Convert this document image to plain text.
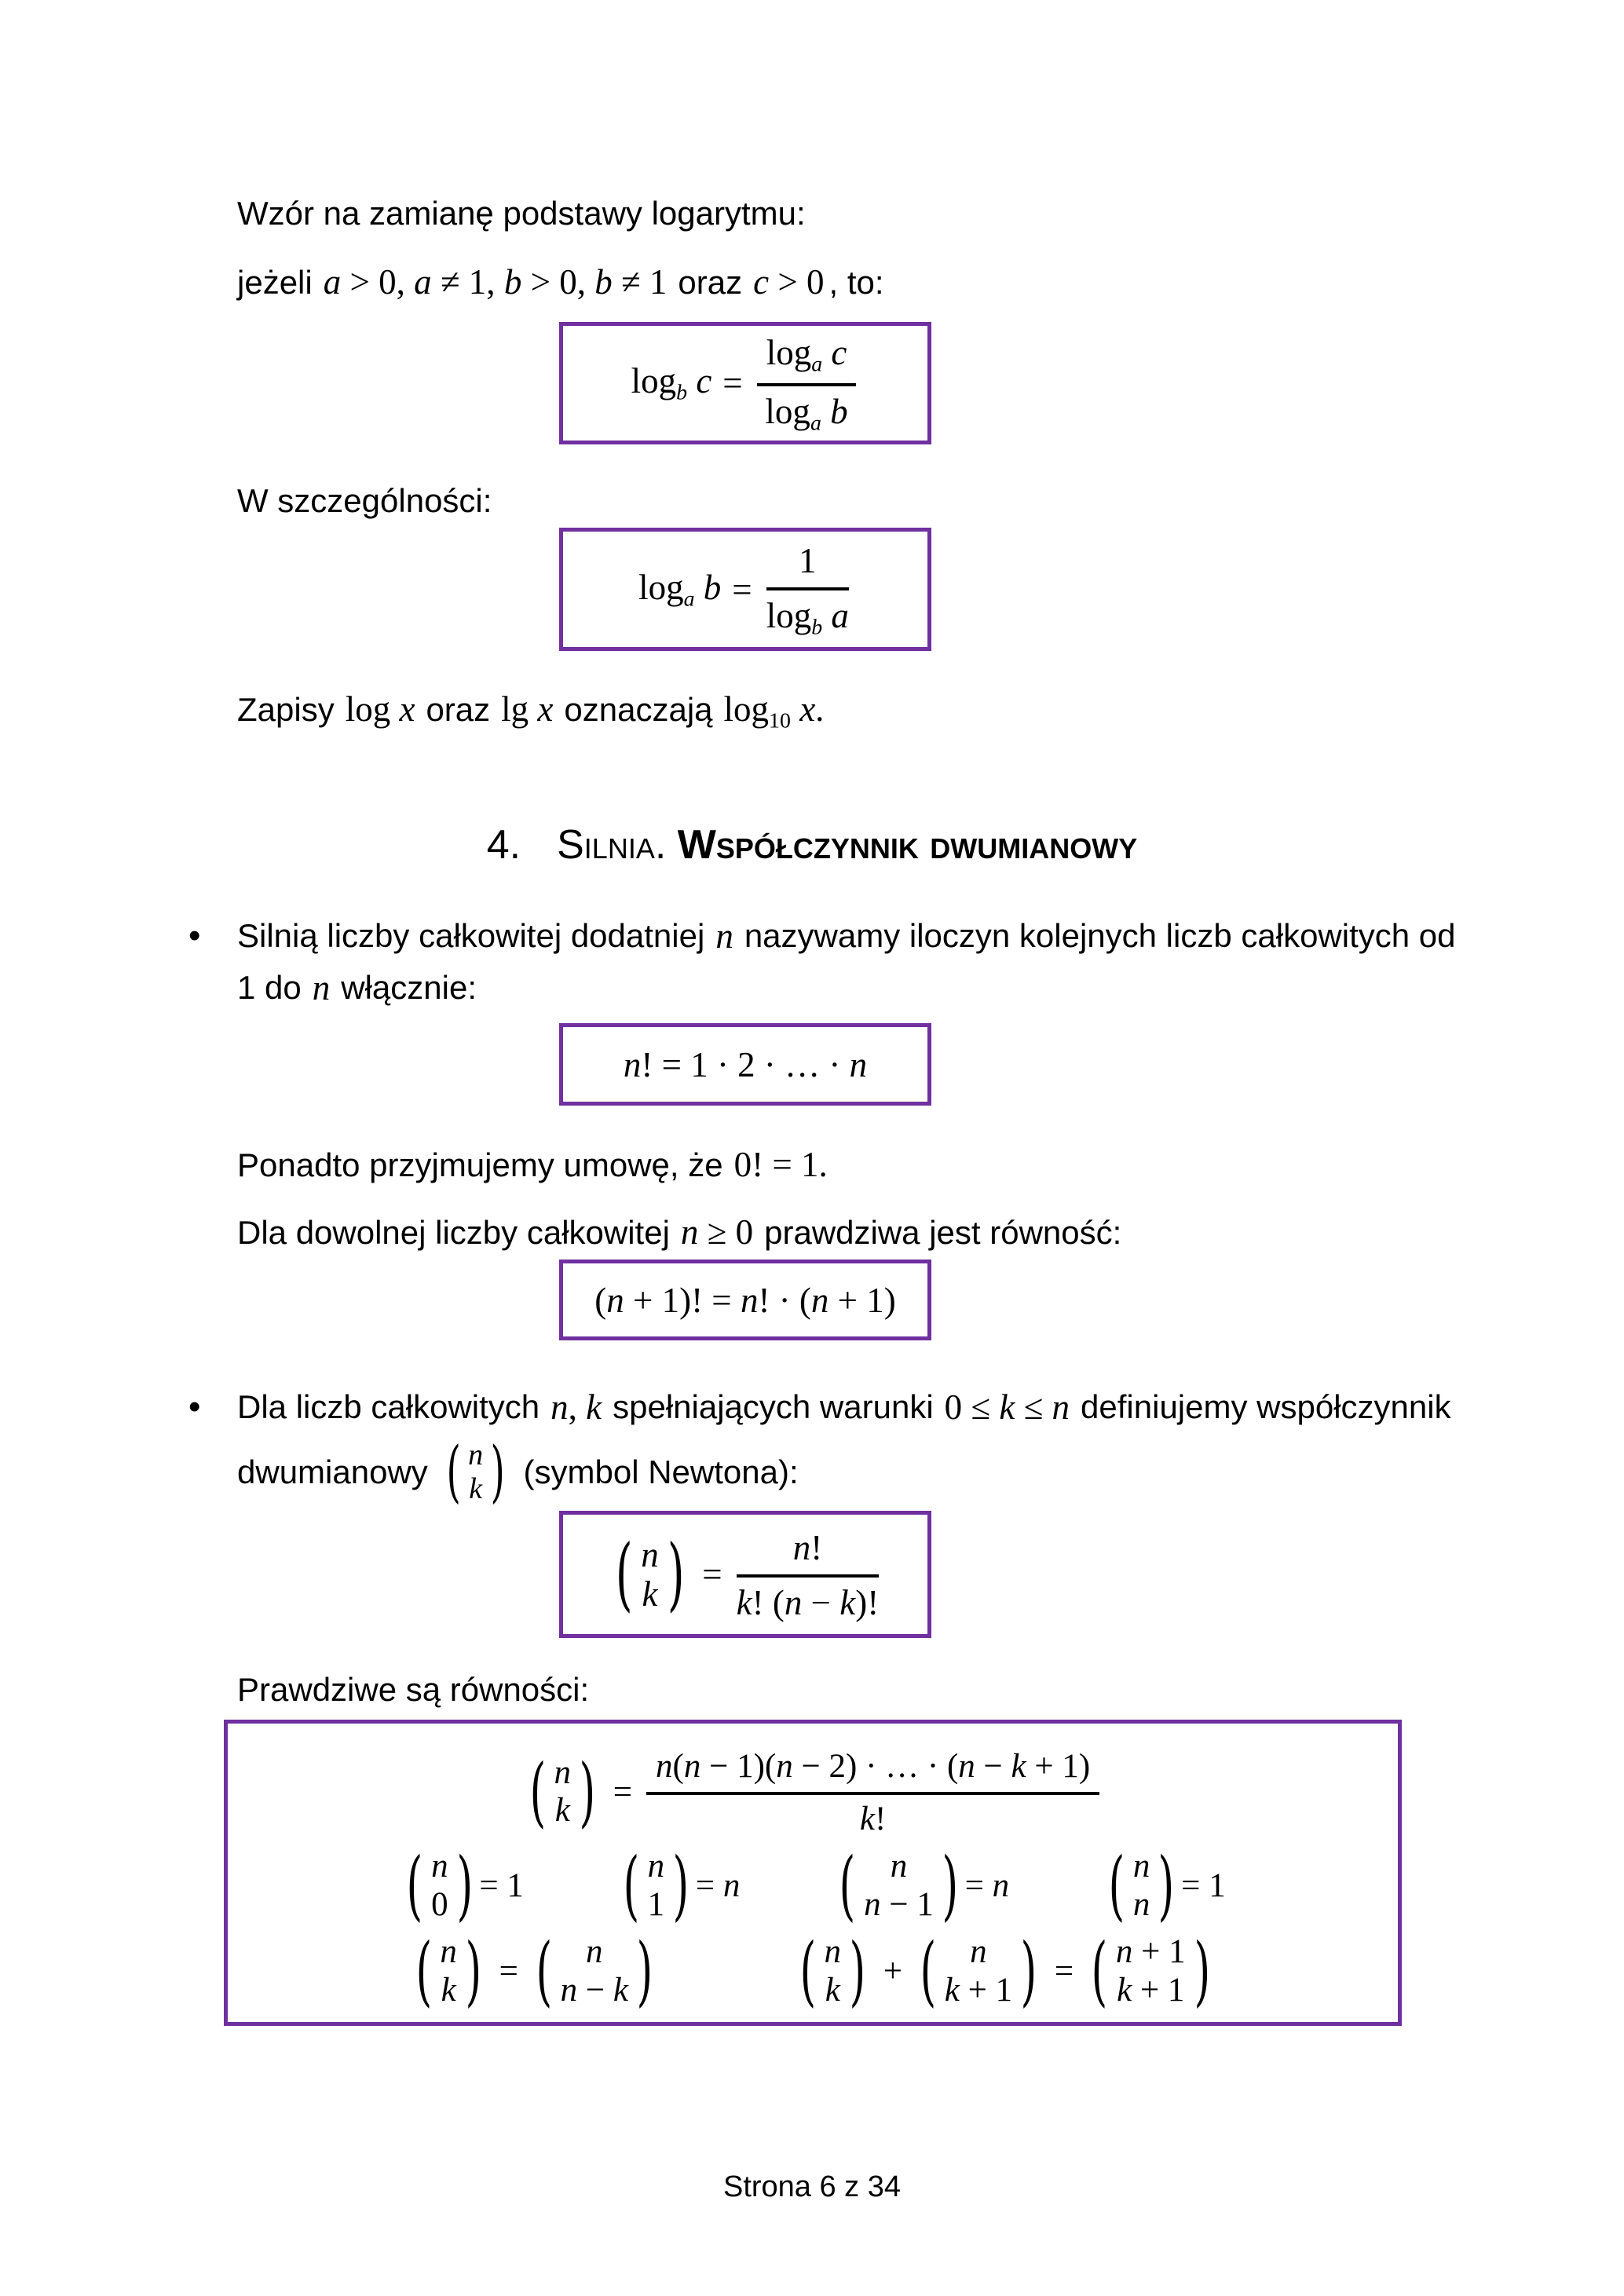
Wzór na zamianę podstawy logarytmu:
jeżeli a > 0, a ≠ 1, b > 0, b ≠ 1 oraz c > 0 , to:
logb $c = \frac{\text{loga c}}{\text{loga b}}$
W szczególności:
loga $b = \frac{1}{\text{logb a}}$
Zapisy log x oraz lg x oznaczają log10 x.
4. Silnia. Współczynnik dwumianowy
•	Silnią liczby całkowitej dodatniej n nazywamy iloczyn kolejnych liczb całkowitych od
1 do n włącznie:
n! = 1 · 2 · … · n
Ponadto przyjmujemy umowę, że 0! = 1.
Dla dowolnej liczby całkowitej n ≥ 0 prawdziwa jest równość:
(n + 1)! = n! · (n + 1)
•	Dla liczb całkowitych n, k spełniających warunki 0 ≤ k ≤ n definiujemy współczynnik
dwumianowy ( n
k ) (symbol Newtona):
( n
k ) = $\frac{n!}{k! (n - k)!}$
Prawdziwe są równości:
( n
k ) = $\frac{n(n - 1)(n - 2) \cdot \dots \cdot (n - k + 1)}{k!}$
( n
0 ) = 1 ( n
1 ) = n ( n
n − 1 ) = n ( n
n ) = 1
( n
k ) = ( n
n − k ) ( n
k ) + ( n
k + 1 ) = ( n + 1
k + 1 )
Strona 6 z 34
